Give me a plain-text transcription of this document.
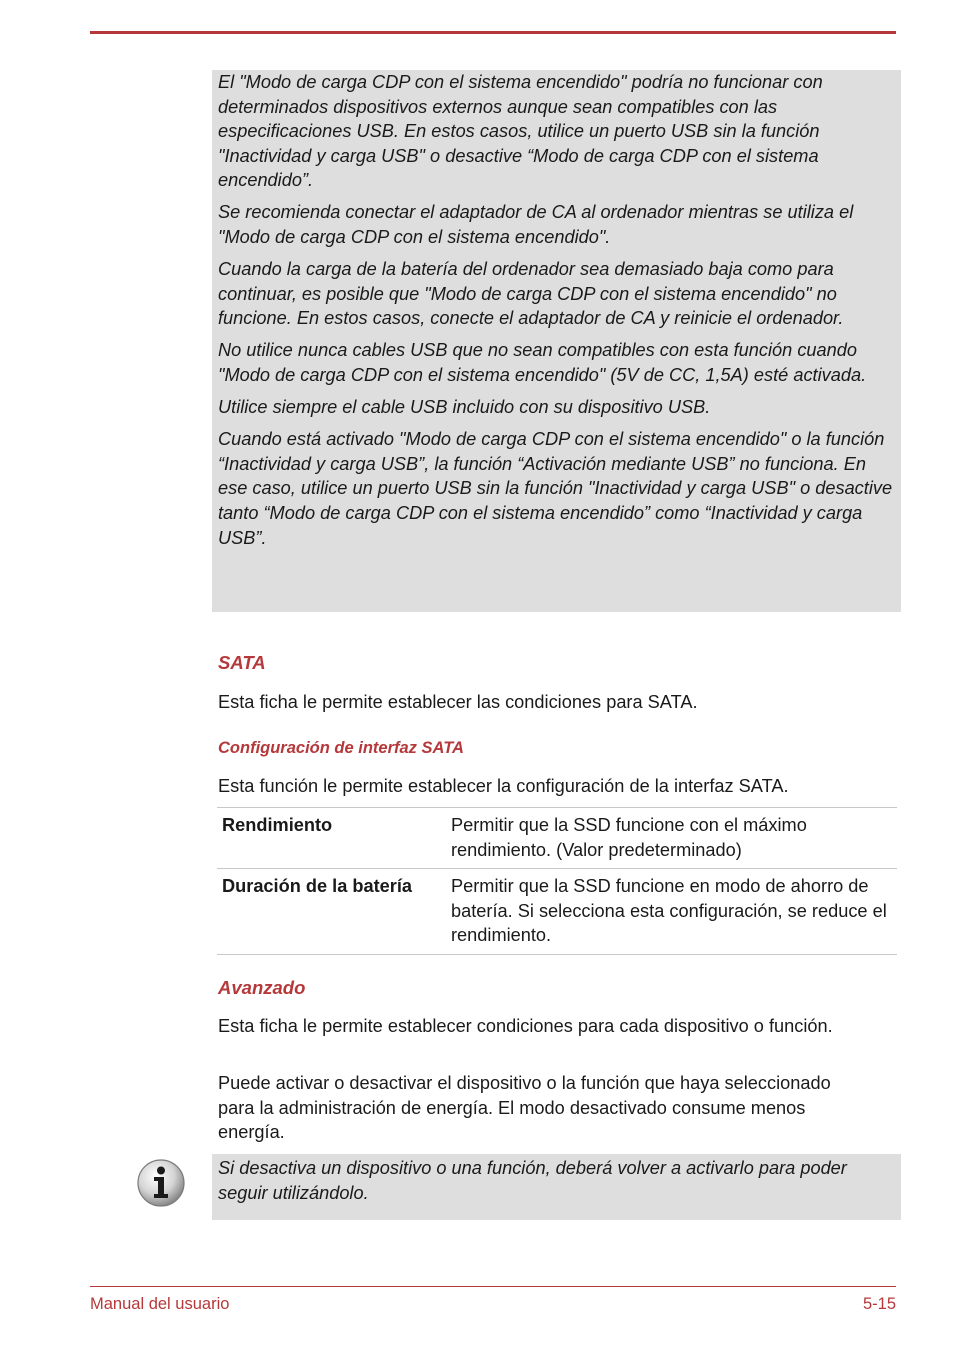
El "Modo de carga CDP con el sistema encendido" podría no funcionar con determinados dispositivos externos aunque sean compatibles con las especificaciones USB. En estos casos, utilice un puerto USB sin la función "Inactividad y carga USB" o desactive “Modo de carga CDP con el sistema encendido”.

Se recomienda conectar el adaptador de CA al ordenador mientras se utiliza el "Modo de carga CDP con el sistema encendido".

Cuando la carga de la batería del ordenador sea demasiado baja como para continuar, es posible que "Modo de carga CDP con el sistema encendido" no funcione. En estos casos, conecte el adaptador de CA y reinicie el ordenador.

No utilice nunca cables USB que no sean compatibles con esta función cuando "Modo de carga CDP con el sistema encendido" (5V de CC, 1,5A) esté activada.

Utilice siempre el cable USB incluido con su dispositivo USB.

Cuando está activado "Modo de carga CDP con el sistema encendido" o la función “Inactividad y carga USB”, la función “Activación mediante USB” no funciona. En ese caso, utilice un puerto USB sin la función "Inactividad y carga USB" o desactive tanto “Modo de carga CDP con el sistema encendido” como “Inactividad y carga USB”.

SATA

Esta ficha le permite establecer las condiciones para SATA.

Configuración de interfaz SATA

Esta función le permite establecer la configuración de la interfaz SATA.

Rendimiento	Permitir que la SSD funcione con el máximo rendimiento. (Valor predeterminado)
Duración de la batería	Permitir que la SSD funcione en modo de ahorro de batería. Si selecciona esta configuración, se reduce el rendimiento.
Avanzado

Esta ficha le permite establecer condiciones para cada dispositivo o función.

Puede activar o desactivar el dispositivo o la función que haya seleccionado para la administración de energía. El modo desactivado consume menos energía.

Si desactiva un dispositivo o una función, deberá volver a activarlo para poder seguir utilizándolo.

Manual del usuario	5-15
